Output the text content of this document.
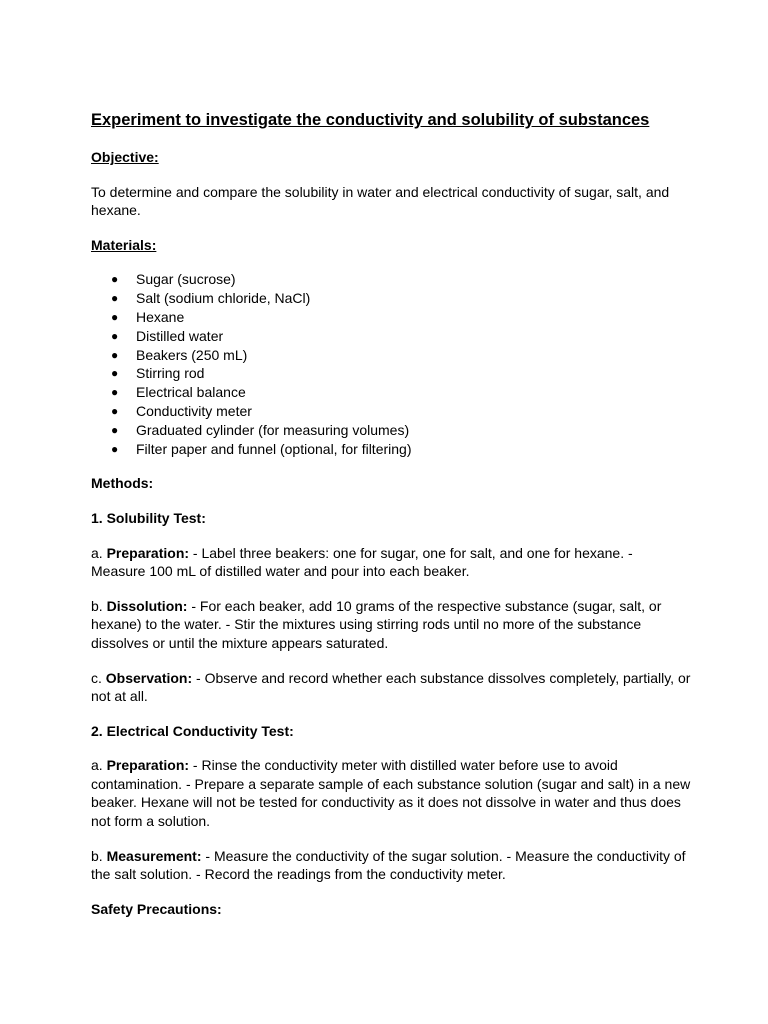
Experiment to investigate the conductivity and solubility of substances
Objective:
To determine and compare the solubility in water and electrical conductivity of sugar, salt, and hexane.
Materials:
● Sugar (sucrose)
● Salt (sodium chloride, NaCl)
● Hexane
● Distilled water
● Beakers (250 mL)
● Stirring rod
● Electrical balance
● Conductivity meter
● Graduated cylinder (for measuring volumes)
● Filter paper and funnel (optional, for filtering)
Methods:
1. Solubility Test:
a. Preparation: - Label three beakers: one for sugar, one for salt, and one for hexane. - Measure 100 mL of distilled water and pour into each beaker.
b. Dissolution: - For each beaker, add 10 grams of the respective substance (sugar, salt, or hexane) to the water. - Stir the mixtures using stirring rods until no more of the substance dissolves or until the mixture appears saturated.
c. Observation: - Observe and record whether each substance dissolves completely, partially, or not at all.
2. Electrical Conductivity Test:
a. Preparation: - Rinse the conductivity meter with distilled water before use to avoid contamination. - Prepare a separate sample of each substance solution (sugar and salt) in a new beaker. Hexane will not be tested for conductivity as it does not dissolve in water and thus does not form a solution.
b. Measurement: - Measure the conductivity of the sugar solution. - Measure the conductivity of the salt solution. - Record the readings from the conductivity meter.
Safety Precautions:
